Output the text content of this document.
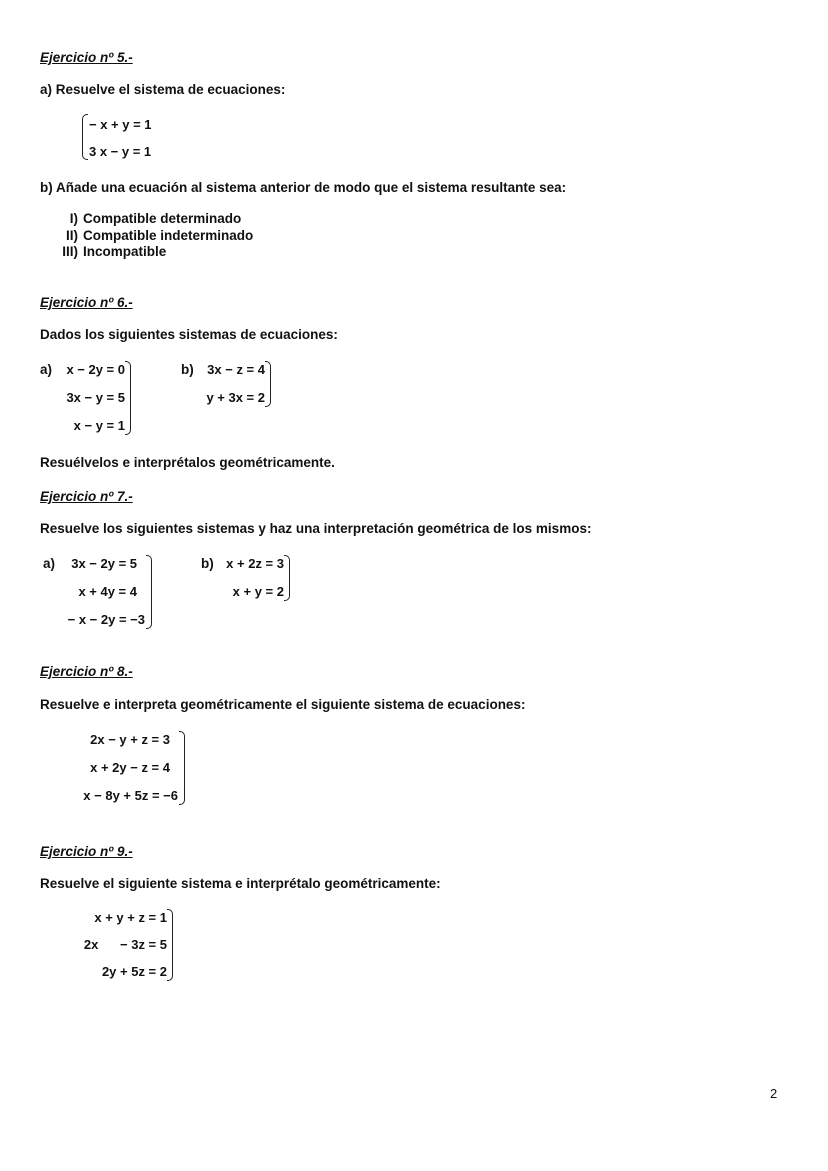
Ejercicio nº 5.-
a) Resuelve el sistema de ecuaciones:
− x + y = 1
3 x − y = 1
b) Añade una ecuación al sistema anterior de modo que el sistema resultante sea:
I) Compatible determinado
II) Compatible indeterminado
III) Incompatible
Ejercicio nº 6.-
Dados los siguientes sistemas de ecuaciones:
a) x − 2y = 0
3x − y = 5
x − y = 1
b) 3x − z = 4
y + 3x = 2
Resuélvelos e interprétalos geométricamente.
Ejercicio nº 7.-
Resuelve los siguientes sistemas y haz una interpretación geométrica de los mismos:
a) 3x − 2y = 5
x + 4y = 4
− x − 2y = −3
b) x + 2z = 3
x + y = 2
Ejercicio nº 8.-
Resuelve e interpreta geométricamente el siguiente sistema de ecuaciones:
2x − y + z = 3
x + 2y − z = 4
x − 8y + 5z = −6
Ejercicio nº 9.-
Resuelve el siguiente sistema e interprétalo geométricamente:

x + y + z = 1

2x      − 3z = 5

2y + 5z = 2

2
